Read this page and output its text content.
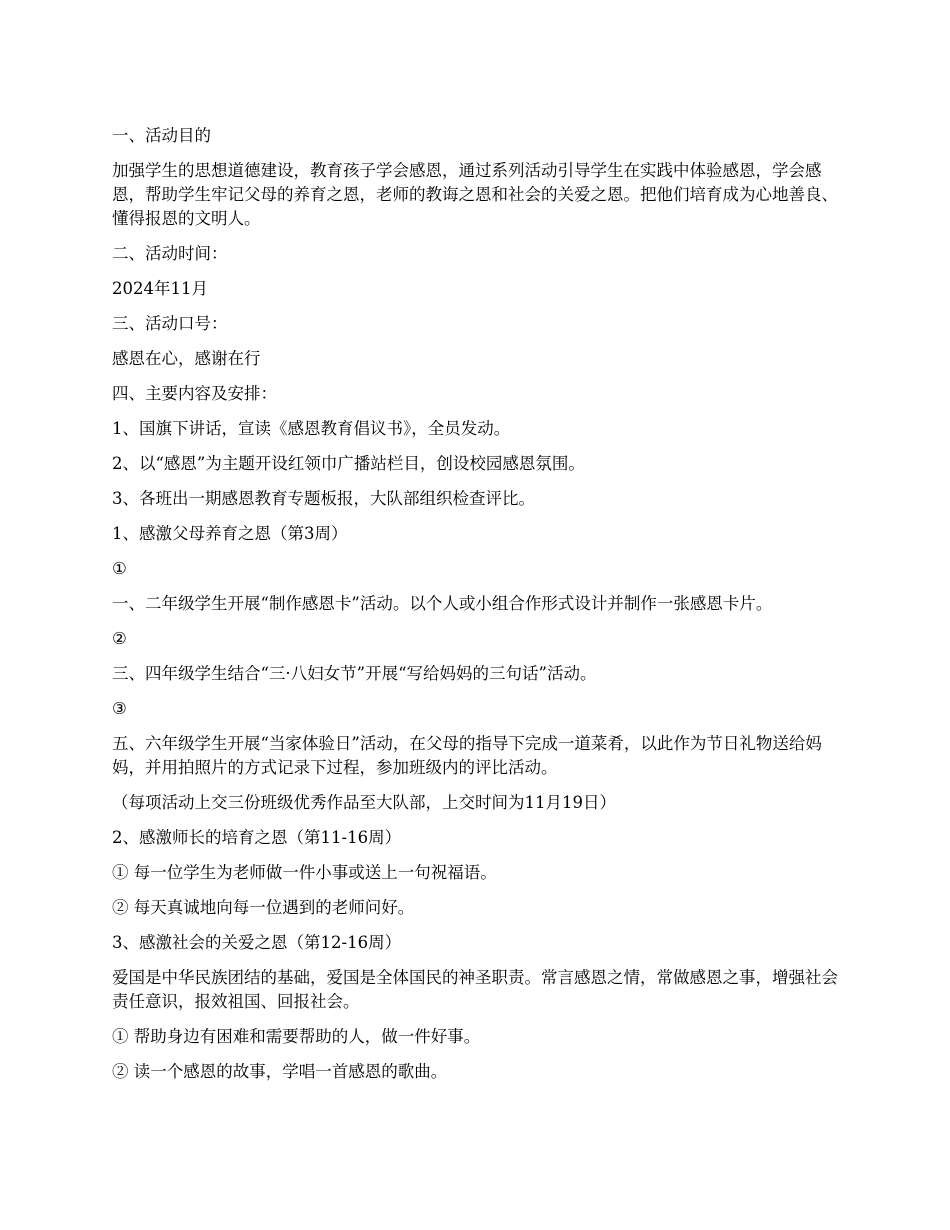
一、活动目的

加强学生的思想道德建设，教育孩子学会感恩，通过系列活动引导学生在实践中体验感恩，学会感恩，帮助学生牢记父母的养育之恩，老师的教诲之恩和社会的关爱之恩。把他们培育成为心地善良、懂得报恩的文明人。

二、活动时间：

2024年11月

三、活动口号：

感恩在心，感谢在行

四、主要内容及安排：

1、国旗下讲话，宣读《感恩教育倡议书》，全员发动。

2、以“感恩”为主题开设红领巾广播站栏目，创设校园感恩氛围。

3、各班出一期感恩教育专题板报，大队部组织检查评比。

1、感激父母养育之恩（第3周）

①

一、二年级学生开展“制作感恩卡”活动。以个人或小组合作形式设计并制作一张感恩卡片。

②

三、四年级学生结合“三·八妇女节”开展“写给妈妈的三句话”活动。

③

五、六年级学生开展“当家体验日”活动，在父母的指导下完成一道菜肴，以此作为节日礼物送给妈妈，并用拍照片的方式记录下过程，参加班级内的评比活动。

（每项活动上交三份班级优秀作品至大队部，上交时间为11月19日）

2、感激师长的培育之恩（第11-16周）

① 每一位学生为老师做一件小事或送上一句祝福语。

② 每天真诚地向每一位遇到的老师问好。

3、感激社会的关爱之恩（第12-16周）

爱国是中华民族团结的基础，爱国是全体国民的神圣职责。常言感恩之情，常做感恩之事，增强社会责任意识，报效祖国、回报社会。

① 帮助身边有困难和需要帮助的人，做一件好事。

② 读一个感恩的故事，学唱一首感恩的歌曲。
